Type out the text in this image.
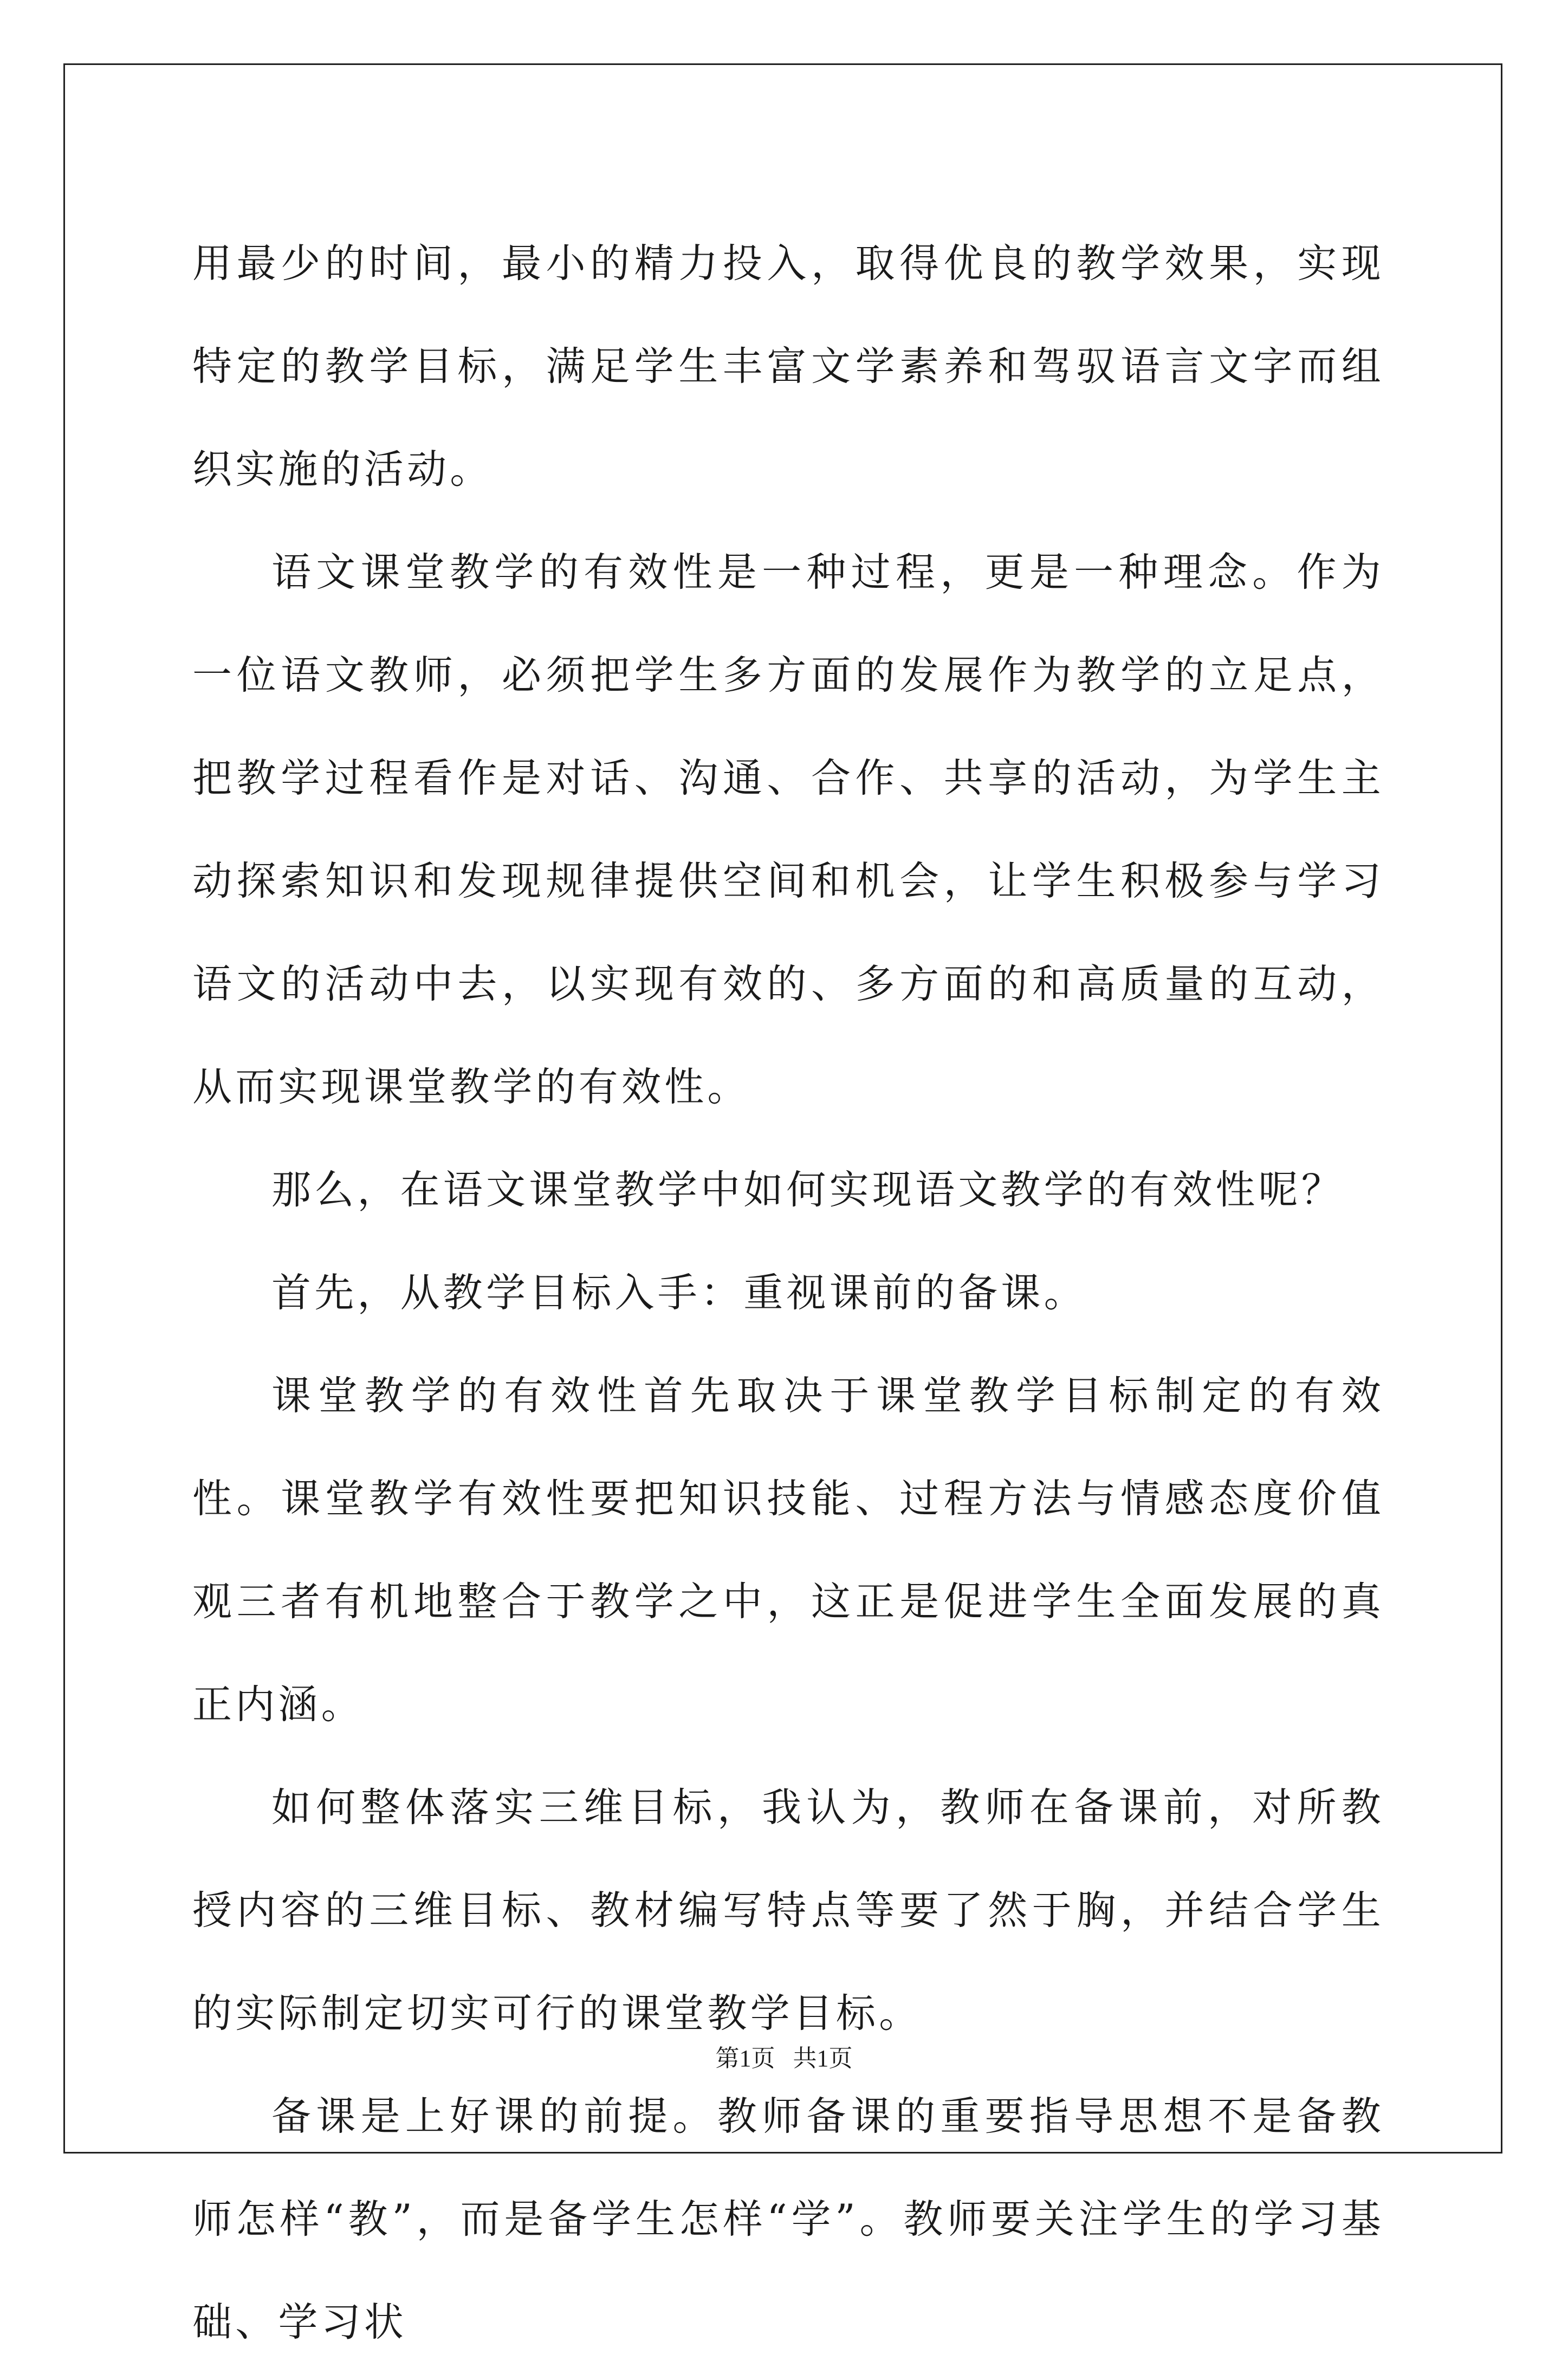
用最少的时间，最小的精力投入，取得优良的教学效果，实现特定的教学目标，满足学生丰富文学素养和驾驭语言文字而组织实施的活动。

语文课堂教学的有效性是一种过程，更是一种理念。作为一位语文教师，必须把学生多方面的发展作为教学的立足点，把教学过程看作是对话、沟通、合作、共享的活动，为学生主动探索知识和发现规律提供空间和机会，让学生积极参与学习语文的活动中去，以实现有效的、多方面的和高质量的互动，从而实现课堂教学的有效性。

那么，在语文课堂教学中如何实现语文教学的有效性呢？

首先，从教学目标入手：重视课前的备课。

课堂教学的有效性首先取决于课堂教学目标制定的有效性。课堂教学有效性要把知识技能、过程方法与情感态度价值观三者有机地整合于教学之中，这正是促进学生全面发展的真正内涵。

如何整体落实三维目标，我认为，教师在备课前，对所教授内容的三维目标、教材编写特点等要了然于胸，并结合学生的实际制定切实可行的课堂教学目标。

备课是上好课的前提。教师备课的重要指导思想不是备教师怎样“教”，而是备学生怎样“学”。教师要关注学生的学习基础、学习状

第1页 共1页
